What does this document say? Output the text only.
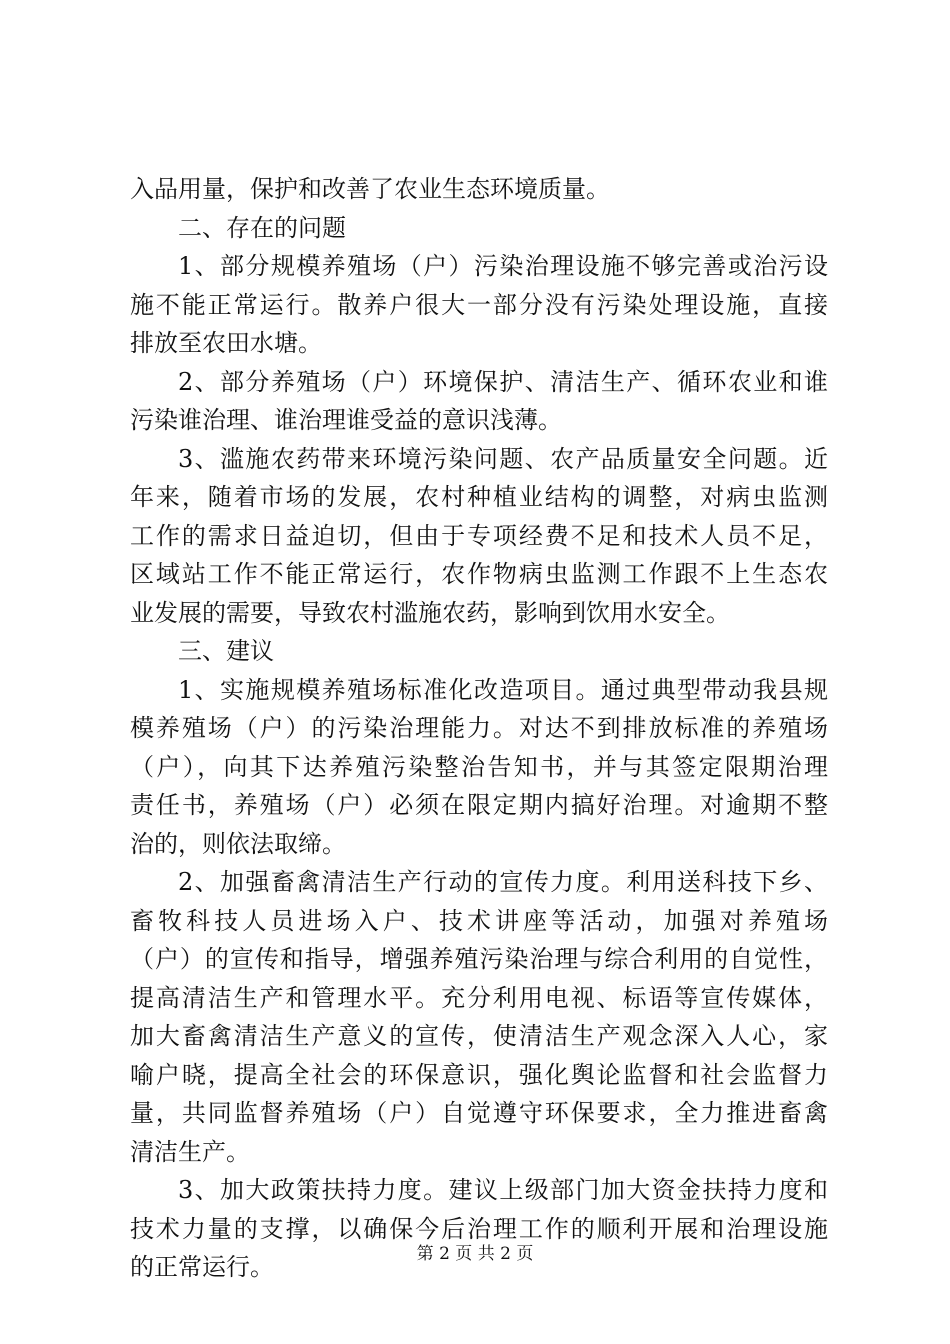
入品用量，保护和改善了农业生态环境质量。
二、存在的问题
1、部分规模养殖场（户）污染治理设施不够完善或治污设
施不能正常运行。散养户很大一部分没有污染处理设施，直接
排放至农田水塘。
2、部分养殖场（户）环境保护、清洁生产、循环农业和谁
污染谁治理、谁治理谁受益的意识浅薄。
3、滥施农药带来环境污染问题、农产品质量安全问题。近
年来，随着市场的发展，农村种植业结构的调整，对病虫监测
工作的需求日益迫切，但由于专项经费不足和技术人员不足，
区域站工作不能正常运行，农作物病虫监测工作跟不上生态农
业发展的需要，导致农村滥施农药，影响到饮用水安全。
三、建议
1、实施规模养殖场标准化改造项目。通过典型带动我县规
模养殖场（户）的污染治理能力。对达不到排放标准的养殖场
（户），向其下达养殖污染整治告知书，并与其签定限期治理
责任书，养殖场（户）必须在限定期内搞好治理。对逾期不整
治的，则依法取缔。
2、加强畜禽清洁生产行动的宣传力度。利用送科技下乡、
畜牧科技人员进场入户、技术讲座等活动，加强对养殖场
（户）的宣传和指导，增强养殖污染治理与综合利用的自觉性，
提高清洁生产和管理水平。充分利用电视、标语等宣传媒体，
加大畜禽清洁生产意义的宣传，使清洁生产观念深入人心，家
喻户晓，提高全社会的环保意识，强化舆论监督和社会监督力
量，共同监督养殖场（户）自觉遵守环保要求，全力推进畜禽
清洁生产。
3、加大政策扶持力度。建议上级部门加大资金扶持力度和
技术力量的支撑，以确保今后治理工作的顺利开展和治理设施
的正常运行。	第 2 页 共 2 页
